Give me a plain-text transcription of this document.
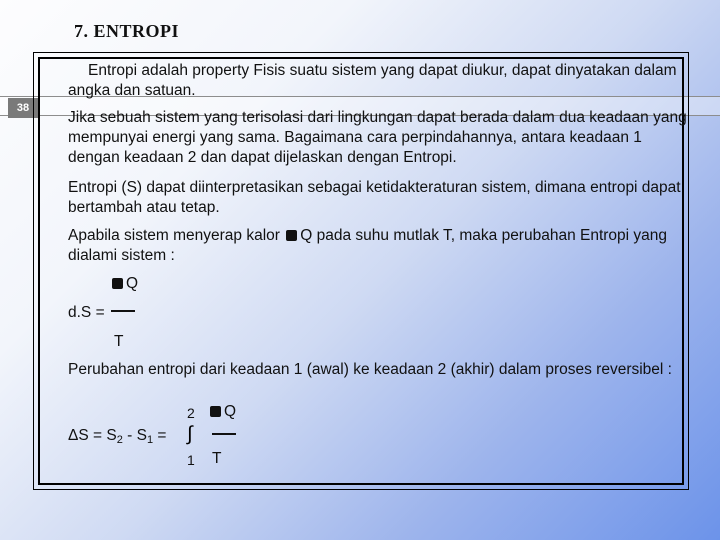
7. ENTROPI
38
Entropi adalah property Fisis suatu sistem yang dapat diukur, dapat dinyatakan dalam angka dan satuan.
Jika sebuah sistem yang terisolasi dari lingkungan dapat berada dalam dua keadaan yang mempunyai energi yang sama. Bagaimana cara perpindahannya, antara keadaan 1 dengan keadaan 2 dan dapat dijelaskan dengan Entropi.
Entropi (S) dapat diinterpretasikan sebagai ketidakteraturan sistem, dimana entropi dapat bertambah atau tetap.
Apabila sistem menyerap kalor Q pada suhu mutlak T, maka perubahan Entropi yang dialami sistem :
Q
d.S =
T
Perubahan entropi dari keadaan 1 (awal) ke keadaan 2 (akhir) dalam proses reversibel :
2	Q
$\Delta S = S_2 - S_1$ = ∫
1 T
